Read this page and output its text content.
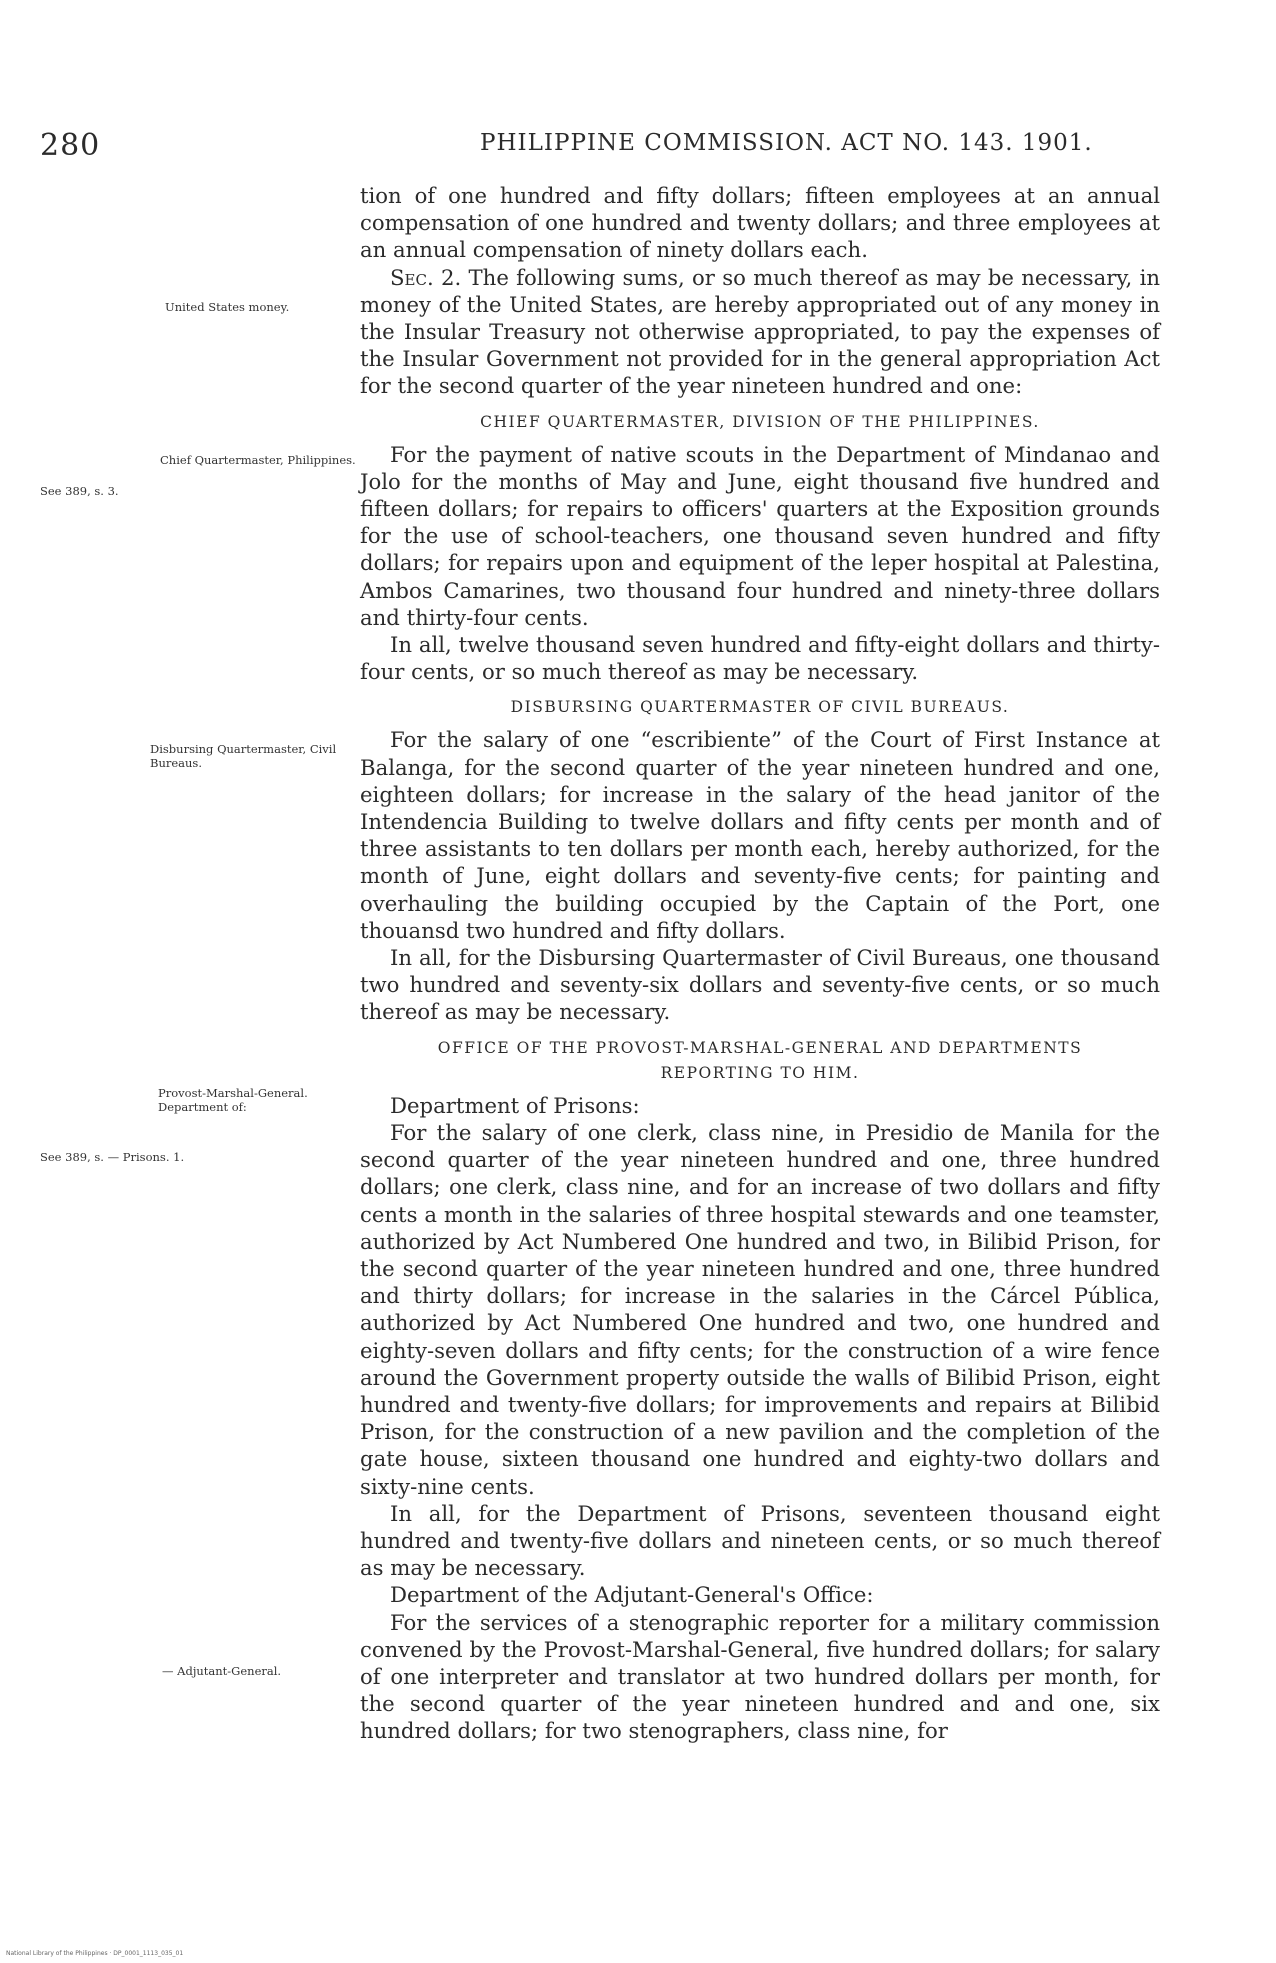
280	PHILIPPINE COMMISSION. ACT NO. 143. 1901.
United States money.
Chief Quartermaster, Philippines.
See 389, s. 3.
Disbursing Quartermaster, Civil Bureaus.
Provost-Marshal-General. Department of:
See 389, s. — Prisons. 1.
— Adjutant-General.

tion of one hundred and fifty dollars; fifteen employees at an annual compensation of one hundred and twenty dollars; and three employees at an annual compensation of ninety dollars each.

Sec. 2. The following sums, or so much thereof as may be necessary, in money of the United States, are hereby appropriated out of any money in the Insular Treasury not otherwise appropriated, to pay the expenses of the Insular Government not provided for in the general appropriation Act for the second quarter of the year nineteen hundred and one:

CHIEF QUARTERMASTER, DIVISION OF THE PHILIPPINES.

For the payment of native scouts in the Department of Mindanao and Jolo for the months of May and June, eight thousand five hundred and fifteen dollars; for repairs to officers' quarters at the Exposition grounds for the use of school-teachers, one thousand seven hundred and fifty dollars; for repairs upon and equipment of the leper hospital at Palestina, Ambos Camarines, two thousand four hundred and ninety-three dollars and thirty-four cents.

In all, twelve thousand seven hundred and fifty-eight dollars and thirty-four cents, or so much thereof as may be necessary.

DISBURSING QUARTERMASTER OF CIVIL BUREAUS.

For the salary of one “escribiente” of the Court of First Instance at Balanga, for the second quarter of the year nineteen hundred and one, eighteen dollars; for increase in the salary of the head janitor of the Intendencia Building to twelve dollars and fifty cents per month and of three assistants to ten dollars per month each, hereby authorized, for the month of June, eight dollars and seventy-five cents; for painting and overhauling the building occupied by the Captain of the Port, one thouansd two hundred and fifty dollars.

In all, for the Disbursing Quartermaster of Civil Bureaus, one thousand two hundred and seventy-six dollars and seventy-five cents, or so much thereof as may be necessary.

OFFICE OF THE PROVOST-MARSHAL-GENERAL AND DEPARTMENTS REPORTING TO HIM.

Department of Prisons:

For the salary of one clerk, class nine, in Presidio de Manila for the second quarter of the year nineteen hundred and one, three hundred dollars; one clerk, class nine, and for an increase of two dollars and fifty cents a month in the salaries of three hospital stewards and one teamster, authorized by Act Numbered One hundred and two, in Bilibid Prison, for the second quarter of the year nineteen hundred and one, three hundred and thirty dollars; for increase in the salaries in the Cárcel Pública, authorized by Act Numbered One hundred and two, one hundred and eighty-seven dollars and fifty cents; for the construction of a wire fence around the Government property outside the walls of Bilibid Prison, eight hundred and twenty-five dollars; for improvements and repairs at Bilibid Prison, for the construction of a new pavilion and the completion of the gate house, sixteen thousand one hundred and eighty-two dollars and sixty-nine cents.

In all, for the Department of Prisons, seventeen thousand eight hundred and twenty-five dollars and nineteen cents, or so much thereof as may be necessary.

Department of the Adjutant-General's Office:

For the services of a stenographic reporter for a military commission convened by the Provost-Marshal-General, five hundred dollars; for salary of one interpreter and translator at two hundred dollars per month, for the second quarter of the year nineteen hundred and and one, six hundred dollars; for two stenographers, class nine, for

National Library of the Philippines · DP_0001_1113_035_01
